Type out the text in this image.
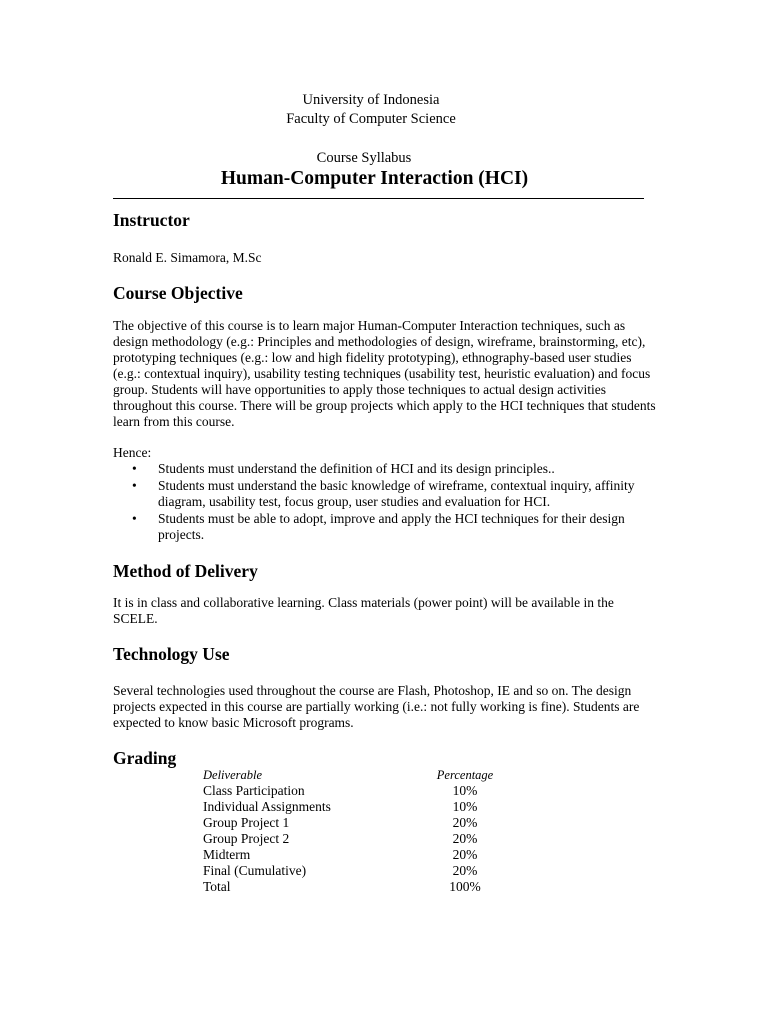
University of Indonesia
Faculty of Computer Science
Course Syllabus
Human-Computer Interaction (HCI)
Instructor
Ronald E. Simamora, M.Sc
Course Objective
The objective of this course is to learn major Human-Computer Interaction techniques, such as design methodology (e.g.: Principles and methodologies of design, wireframe, brainstorming, etc), prototyping techniques (e.g.: low and high fidelity prototyping), ethnography-based user studies (e.g.: contextual inquiry), usability testing techniques (usability test, heuristic evaluation) and focus group. Students will have opportunities to apply those techniques to actual design activities throughout this course. There will be group projects which apply to the HCI techniques that students learn from this course.
Hence:
• Students must understand the definition of HCI and its design principles..
• Students must understand the basic knowledge of wireframe, contextual inquiry, affinity diagram, usability test, focus group, user studies and evaluation for HCI.
• Students must be able to adopt, improve and apply the HCI techniques for their design projects.
Method of Delivery
It is in class and collaborative learning. Class materials (power point) will be available in the SCELE.
Technology Use
Several technologies used throughout the course are Flash, Photoshop, IE and so on. The design projects expected in this course are partially working (i.e.: not fully working is fine). Students are expected to know basic Microsoft programs.
Grading
Deliverable	Percentage
Class Participation	10%
Individual Assignments	10%
Group Project 1	20%
Group Project 2	20%
Midterm	20%
Final (Cumulative)	20%
Total	100%
